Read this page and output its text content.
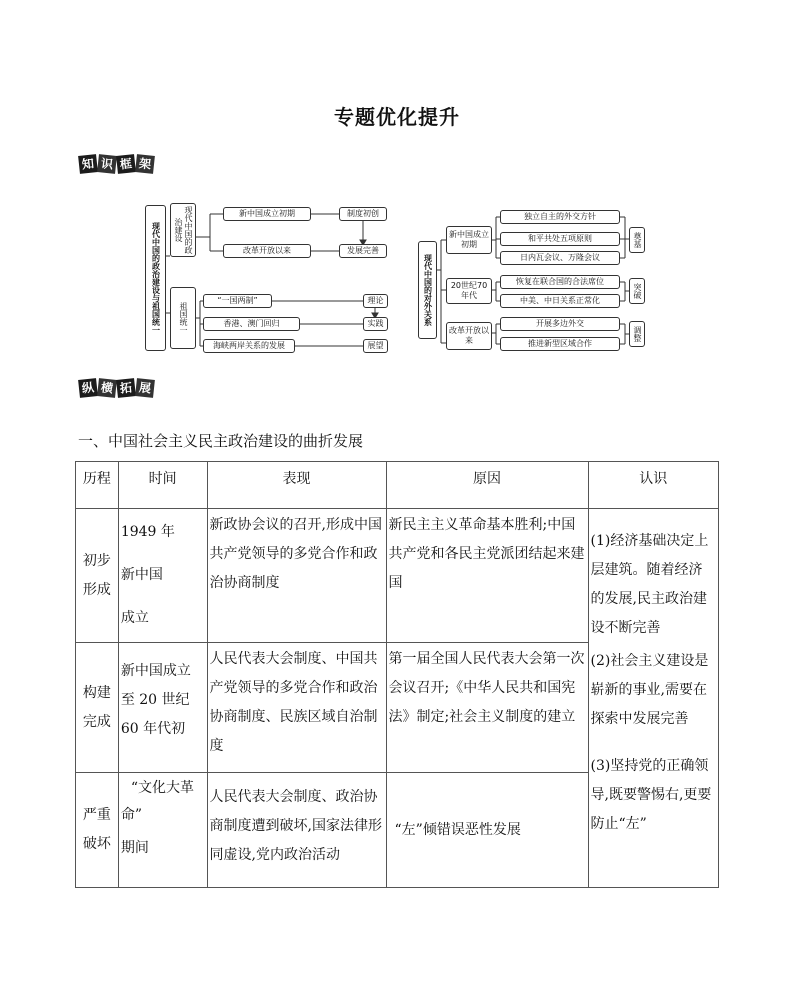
专题优化提升
知 识 框 架
现代中国的政治建设与祖国统一	现代中国的政治建设
祖国统一
新中国成立初期
改革开放以来
制度初创
发展完善
“一国两制”
香港、澳门回归
海峡两岸关系的发展
理论
实践
展望
现代中国的对外关系
新中国成立初期
20世纪70年代
改革开放以来
独立自主的外交方针
和平共处五项原则
日内瓦会议、万隆会议
恢复在联合国的合法席位
中美、中日关系正常化
开展多边外交
推进新型区域合作
奠基
突破
调整
纵 横 拓 展
一、中国社会主义民主政治建设的曲折发展
历程	时间	表现	原因	认识

初步
形成	1949 年
新中国
成立	新政协会议的召开,形成中国共产党领导的多党合作和政治协商制度	新民主主义革命基本胜利;中国共产党和各民主党派团结起来建国	(1)经济基础决定上层建筑。随着经济的发展,民主政治建设不断完善
(2)社会主义建设是崭新的事业,需要在探索中发展完善
(3)坚持党的正确领导,既要警惕右,更要防止“左”

构建
完成	新中国成立
至 20 世纪
60 年代初	人民代表大会制度、中国共产党领导的多党合作和政治协商制度、民族区域自治制度	第一届全国人民代表大会第一次会议召开;《中华人民共和国宪法》制定;社会主义制度的建立	

严重
破坏	“文化大革
命”
期间	人民代表大会制度、政治协商制度遭到破坏,国家法律形同虚设,党内政治活动	“左”倾错误恶性发展	
